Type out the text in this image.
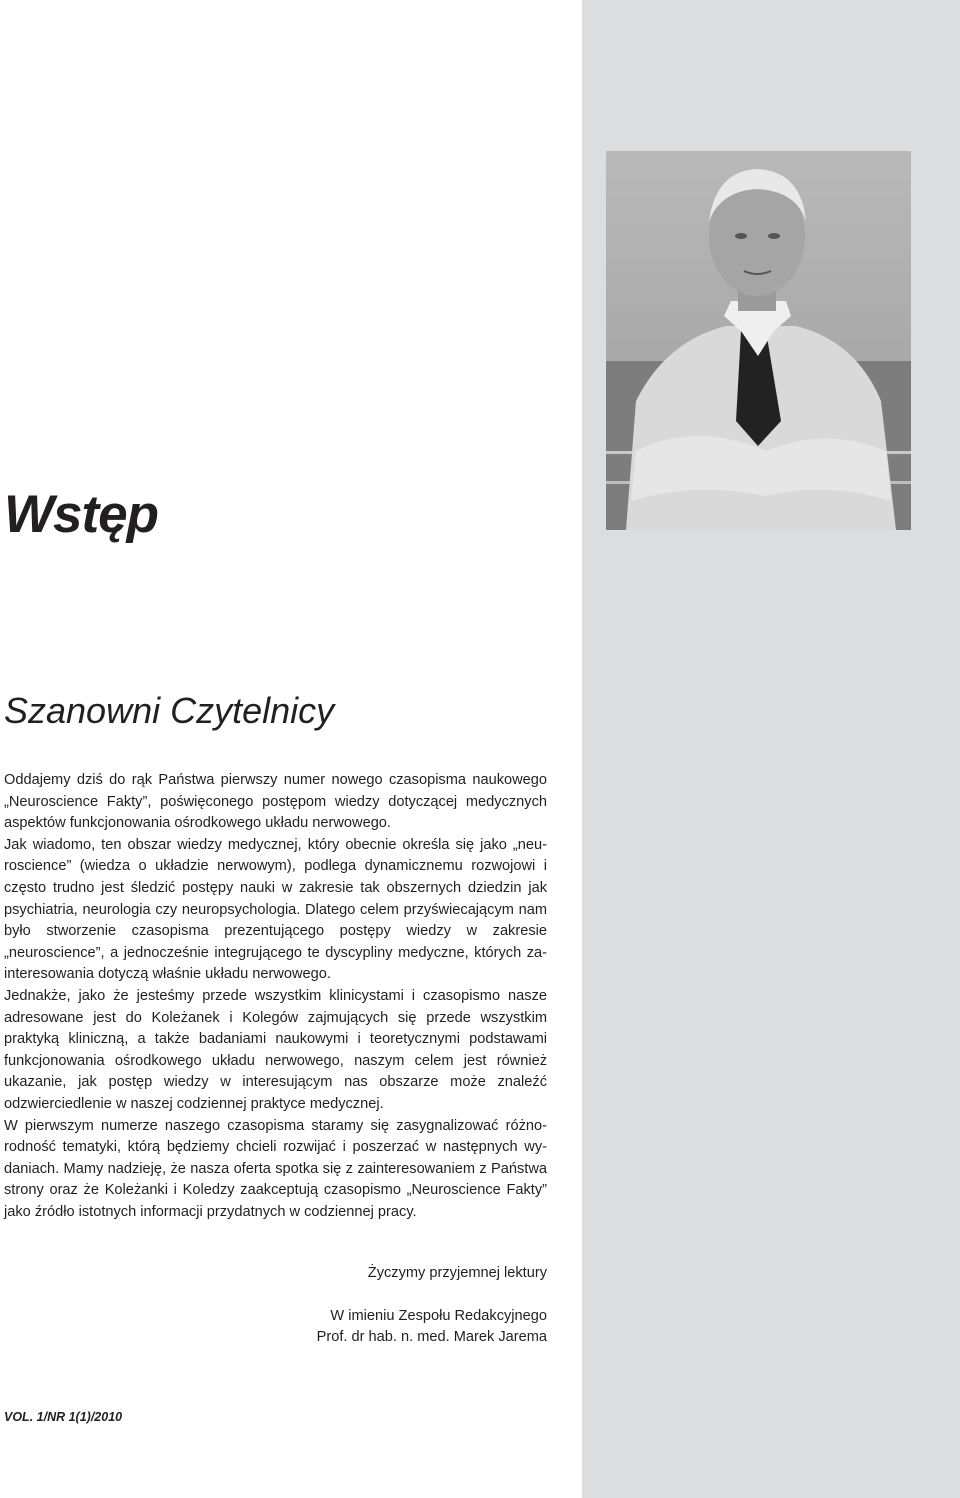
Wstęp
Szanowni Czytelnicy

Oddajemy dziś do rąk Państwa pierwszy numer nowego czasopisma naukowego „Neuroscience Fakty”, poświęconego postępom wiedzy dotyczącej medycznych aspektów funkcjonowania ośrodkowego układu nerwowego.

Jak wiadomo, ten obszar wiedzy medycznej, który obecnie określa się jako „neuroscience” (wiedza o układzie nerwowym), podlega dynamicznemu rozwojowi i często trudno jest śledzić postępy nauki w zakresie tak obszernych dziedzin jak psychiatria, neurologia czy neuropsychologia. Dlatego celem przyświecającym nam było stworzenie czasopisma prezentującego postępy wiedzy w zakresie „neuroscience”, a jednocześnie integrującego te dyscypliny medyczne, których zainteresowania dotyczą właśnie układu nerwowego.

Jednakże, jako że jesteśmy przede wszystkim klinicystami i czasopismo nasze adresowane jest do Koleżanek i Kolegów zajmujących się przede wszystkim praktyką kliniczną, a także badaniami naukowymi i teoretycznymi podstawami funkcjonowania ośrodkowego układu nerwowego, naszym celem jest również ukazanie, jak postęp wiedzy w interesującym nas obszarze może znaleźć odzwierciedlenie w naszej codziennej praktyce medycznej.

W pierwszym numerze naszego czasopisma staramy się zasygnalizować różnorodność tematyki, którą będziemy chcieli rozwijać i poszerzać w następnych wydaniach. Mamy nadzieję, że nasza oferta spotka się z zainteresowaniem z Państwa strony oraz że Koleżanki i Koledzy zaakceptują czasopismo „Neuroscience Fakty” jako źródło istotnych informacji przydatnych w codziennej pracy.

Życzymy przyjemnej lektury
W imieniu Zespołu Redakcyjnego
Prof. dr hab. n. med. Marek Jarema
VOL. 1/NR 1(1)/2010
